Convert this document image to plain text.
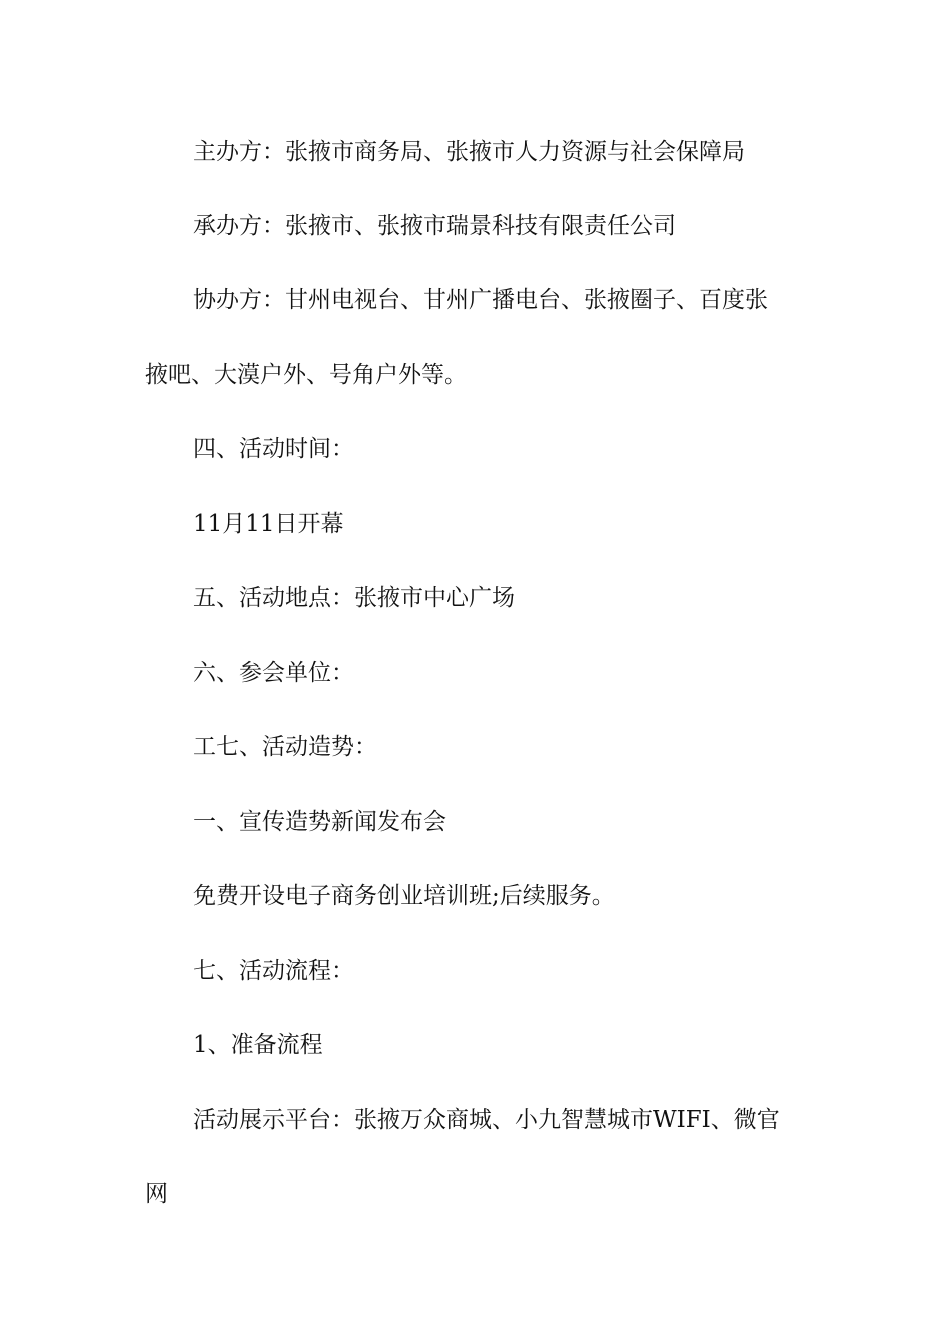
主办方：张掖市商务局、张掖市人力资源与社会保障局

承办方：张掖市、张掖市瑞景科技有限责任公司

协办方：甘州电视台、甘州广播电台、张掖圈子、百度张

掖吧、大漠户外、号角户外等。

四、活动时间：

11月11日开幕

五、活动地点：张掖市中心广场

六、参会单位：

工七、活动造势：

一、宣传造势新闻发布会

免费开设电子商务创业培训班;后续服务。

七、活动流程：

1、准备流程

活动展示平台：张掖万众商城、小九智慧城市WIFI、微官

网
